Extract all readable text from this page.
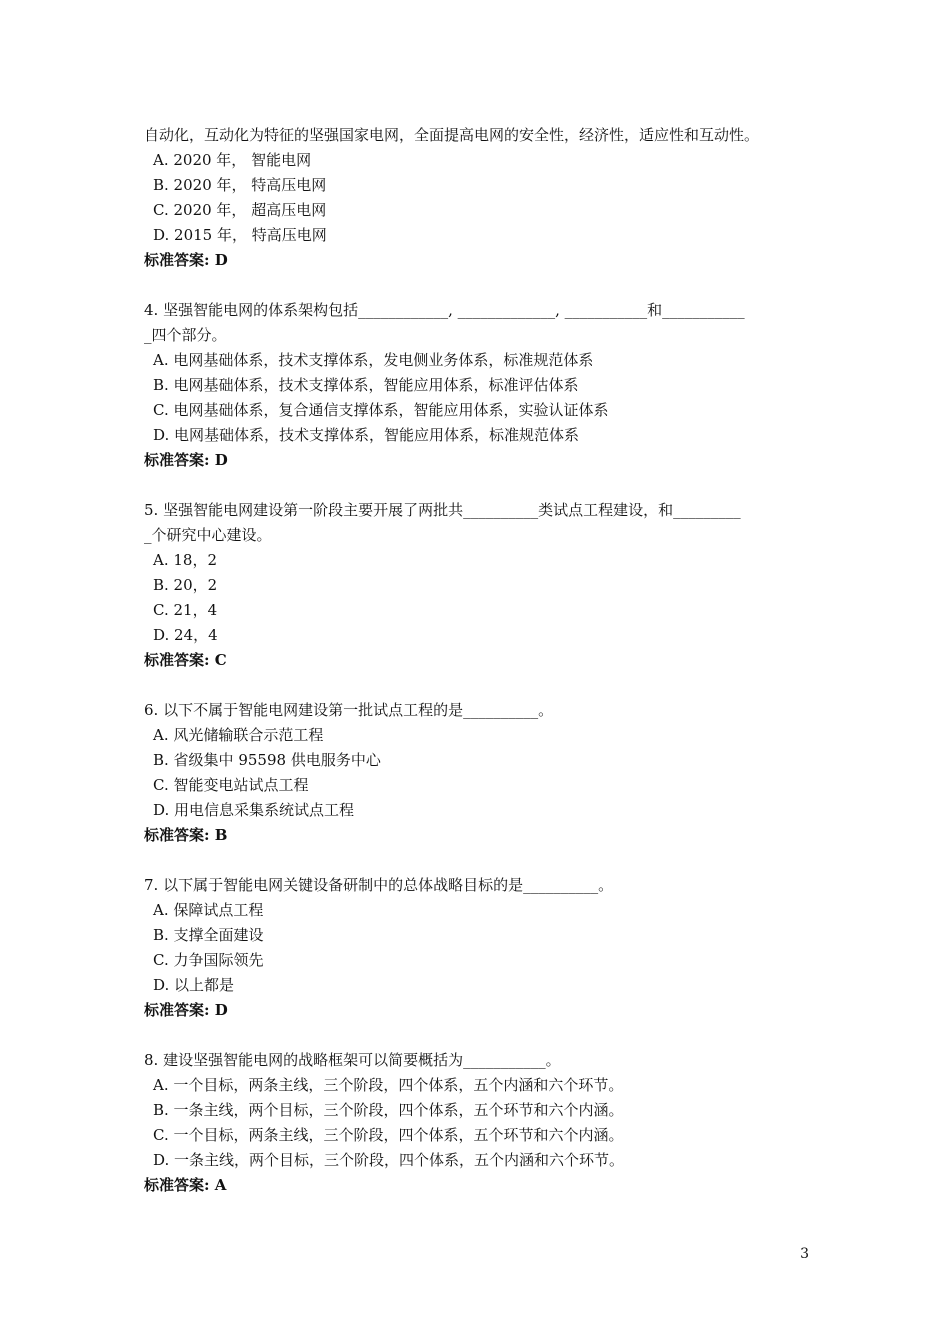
自动化，互动化为特征的坚强国家电网，全面提高电网的安全性，经济性，适应性和互动性。
A. 2020 年， 智能电网
B. 2020 年， 特高压电网
C. 2020 年， 超高压电网
D. 2015 年， 特高压电网
标准答案: D
4. 坚强智能电网的体系架构包括____________, _____________, ___________和___________
_四个部分。
A. 电网基础体系，技术支撑体系，发电侧业务体系，标准规范体系
B. 电网基础体系，技术支撑体系，智能应用体系，标准评估体系
C. 电网基础体系，复合通信支撑体系，智能应用体系，实验认证体系
D. 电网基础体系，技术支撑体系，智能应用体系，标准规范体系
标准答案: D
5. 坚强智能电网建设第一阶段主要开展了两批共__________类试点工程建设，和_________
_个研究中心建设。
A. 18，2
B. 20，2
C. 21，4
D. 24，4
标准答案: C
6. 以下不属于智能电网建设第一批试点工程的是__________。
A. 风光储输联合示范工程
B. 省级集中 95598 供电服务中心
C. 智能变电站试点工程
D. 用电信息采集系统试点工程
标准答案: B
7. 以下属于智能电网关键设备研制中的总体战略目标的是__________。
A. 保障试点工程
B. 支撑全面建设
C. 力争国际领先
D. 以上都是
标准答案: D
8. 建设坚强智能电网的战略框架可以简要概括为___________。
A. 一个目标，两条主线，三个阶段，四个体系，五个内涵和六个环节。
B. 一条主线，两个目标，三个阶段，四个体系，五个环节和六个内涵。
C. 一个目标，两条主线，三个阶段，四个体系，五个环节和六个内涵。
D. 一条主线，两个目标，三个阶段，四个体系，五个内涵和六个环节。
标准答案: A
3
